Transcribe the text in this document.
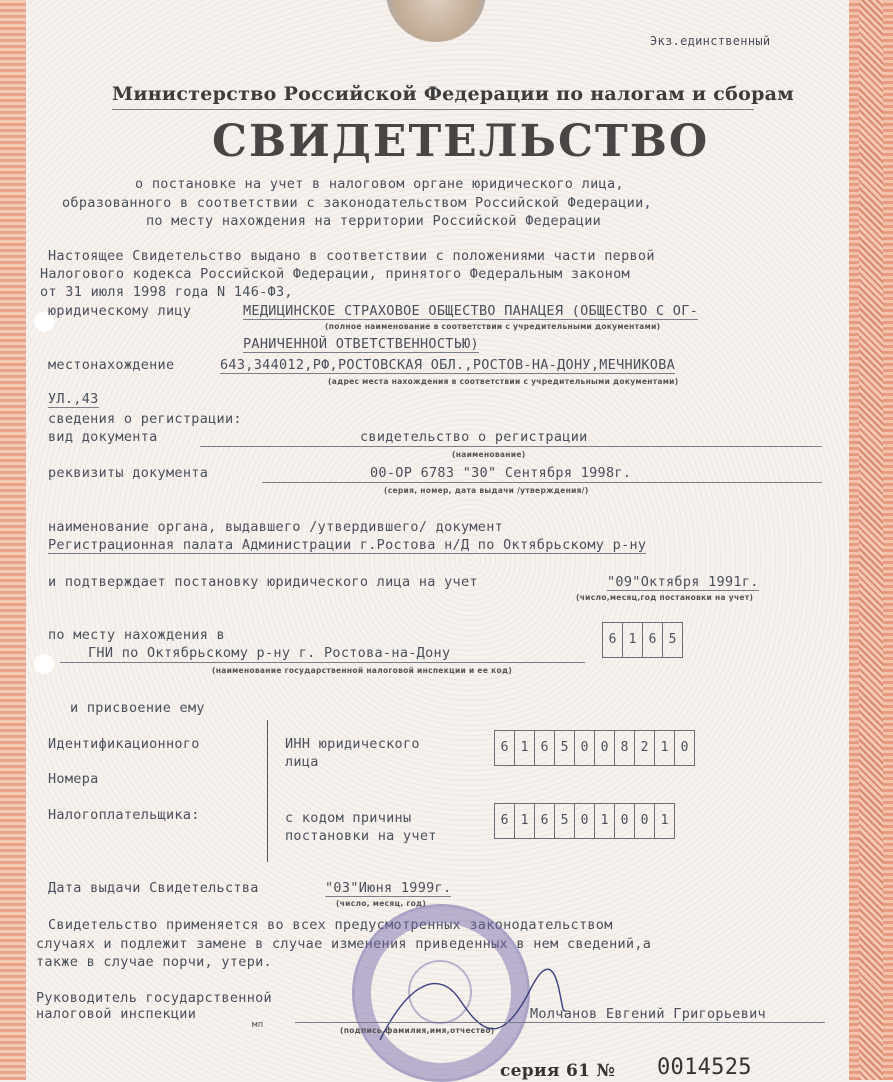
Экз.единственный
Министерство Российской Федерации по налогам и сборам
СВИДЕТЕЛЬСТВО
о постановке на учет в налоговом органе юридического лица,
образованного в соответствии с законодательством Российской Федерации,
по месту нахождения на территории Российской Федерации
Настоящее Свидетельство выдано в соответствии с положениями части первой
Налогового кодекса Российской Федерации, принятого Федеральным законом
от 31 июля 1998 года N 146-ФЗ,
юридическому лицу	МЕДИЦИНСКОЕ СТРАХОВОЕ ОБЩЕСТВО ПАНАЦЕЯ (ОБЩЕСТВО С ОГ-
(полное наименование в соответствии с учредительными документами)
РАНИЧЕННОЙ ОТВЕТСТВЕННОСТЬЮ)
местонахождение	643,344012,РФ,РОСТОВСКАЯ ОБЛ.,РОСТОВ-НА-ДОНУ,МЕЧНИКОВА
(адрес места нахождения в соответствии с учредительными документами)
УЛ.,43
сведения о регистрации:
вид документа	свидетельство о регистрации
(наименование)
реквизиты документа	00-ОР 6783 "30" Сентября 1998г.
(серия, номер, дата выдачи /утверждения/)
наименование органа, выдавшего /утвердившего/ документ
Регистрационная палата Администрации г.Ростова н/Д по Октябрьскому р-ну
и подтверждает постановку юридического лица на учет	"09"Октября 1991г.
(число,месяц,год постановки на учет)
по месту нахождения в
ГНИ по Октябрьскому р-ну г. Ростова-на-Дону
(наименование государственной налоговой инспекции и ее код)
6 1 6 5
и присвоение ему
Идентификационного
Номера
Налогоплательщика:
ИНН юридического
лица
6 1 6 5 0 0 8 2 1 0
с кодом причины
постановки на учет
6 1 6 5 0 1 0 0 1
Дата выдачи Свидетельства	"03"Июня 1999г.
(число, месяц, год)
Свидетельство применяется во всех предусмотренных законодательством
случаях и подлежит замене в случае изменения приведенных в нем сведений,а
также в случае порчи, утери.
Руководитель государственной
налоговой инспекции
мп
(подпись,фамилия,имя,отчество)
Молчанов Евгений Григорьевич
серия 61 № 0014525
